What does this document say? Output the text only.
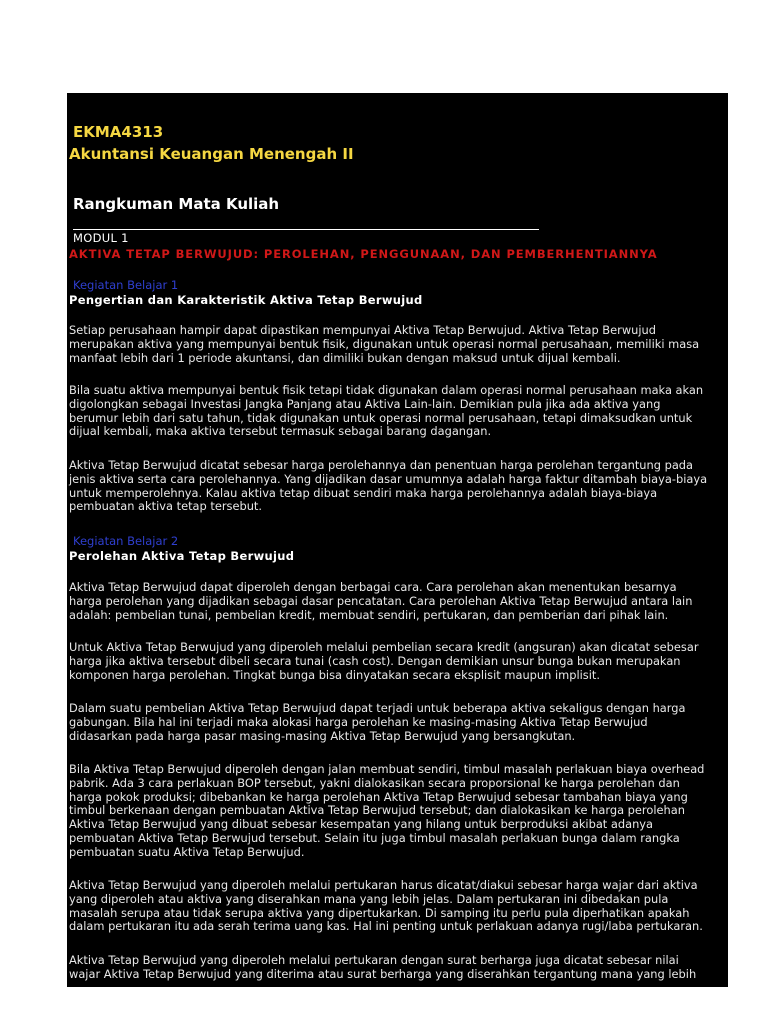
EKMA4313
Akuntansi Keuangan Menengah II
Rangkuman Mata Kuliah
MODUL 1
AKTIVA TETAP BERWUJUD: PEROLEHAN, PENGGUNAAN, DAN PEMBERHENTIANNYA
Kegiatan Belajar 1
Pengertian dan Karakteristik Aktiva Tetap Berwujud
Setiap perusahaan hampir dapat dipastikan mempunyai Aktiva Tetap Berwujud. Aktiva Tetap Berwujud
merupakan aktiva yang mempunyai bentuk fisik, digunakan untuk operasi normal perusahaan, memiliki masa
manfaat lebih dari 1 periode akuntansi, dan dimiliki bukan dengan maksud untuk dijual kembali.
Bila suatu aktiva mempunyai bentuk fisik tetapi tidak digunakan dalam operasi normal perusahaan maka akan
digolongkan sebagai Investasi Jangka Panjang atau Aktiva Lain-lain. Demikian pula jika ada aktiva yang
berumur lebih dari satu tahun, tidak digunakan untuk operasi normal perusahaan, tetapi dimaksudkan untuk
dijual kembali, maka aktiva tersebut termasuk sebagai barang dagangan.
Aktiva Tetap Berwujud dicatat sebesar harga perolehannya dan penentuan harga perolehan tergantung pada
jenis aktiva serta cara perolehannya. Yang dijadikan dasar umumnya adalah harga faktur ditambah biaya-biaya
untuk memperolehnya. Kalau aktiva tetap dibuat sendiri maka harga perolehannya adalah biaya-biaya
pembuatan aktiva tetap tersebut.
Kegiatan Belajar 2
Perolehan Aktiva Tetap Berwujud
Aktiva Tetap Berwujud dapat diperoleh dengan berbagai cara. Cara perolehan akan menentukan besarnya
harga perolehan yang dijadikan sebagai dasar pencatatan. Cara perolehan Aktiva Tetap Berwujud antara lain
adalah: pembelian tunai, pembelian kredit, membuat sendiri, pertukaran, dan pemberian dari pihak lain.
Untuk Aktiva Tetap Berwujud yang diperoleh melalui pembelian secara kredit (angsuran) akan dicatat sebesar
harga jika aktiva tersebut dibeli secara tunai (cash cost). Dengan demikian unsur bunga bukan merupakan
komponen harga perolehan. Tingkat bunga bisa dinyatakan secara eksplisit maupun implisit.
Dalam suatu pembelian Aktiva Tetap Berwujud dapat terjadi untuk beberapa aktiva sekaligus dengan harga
gabungan. Bila hal ini terjadi maka alokasi harga perolehan ke masing-masing Aktiva Tetap Berwujud
didasarkan pada harga pasar masing-masing Aktiva Tetap Berwujud yang bersangkutan.
Bila Aktiva Tetap Berwujud diperoleh dengan jalan membuat sendiri, timbul masalah perlakuan biaya overhead
pabrik. Ada 3 cara perlakuan BOP tersebut, yakni dialokasikan secara proporsional ke harga perolehan dan
harga pokok produksi; dibebankan ke harga perolehan Aktiva Tetap Berwujud sebesar tambahan biaya yang
timbul berkenaan dengan pembuatan Aktiva Tetap Berwujud tersebut; dan dialokasikan ke harga perolehan
Aktiva Tetap Berwujud yang dibuat sebesar kesempatan yang hilang untuk berproduksi akibat adanya
pembuatan Aktiva Tetap Berwujud tersebut. Selain itu juga timbul masalah perlakuan bunga dalam rangka
pembuatan suatu Aktiva Tetap Berwujud.
Aktiva Tetap Berwujud yang diperoleh melalui pertukaran harus dicatat/diakui sebesar harga wajar dari aktiva
yang diperoleh atau aktiva yang diserahkan mana yang lebih jelas. Dalam pertukaran ini dibedakan pula
masalah serupa atau tidak serupa aktiva yang dipertukarkan. Di samping itu perlu pula diperhatikan apakah
dalam pertukaran itu ada serah terima uang kas. Hal ini penting untuk perlakuan adanya rugi/laba pertukaran.
Aktiva Tetap Berwujud yang diperoleh melalui pertukaran dengan surat berharga juga dicatat sebesar nilai
wajar Aktiva Tetap Berwujud yang diterima atau surat berharga yang diserahkan tergantung mana yang lebih
